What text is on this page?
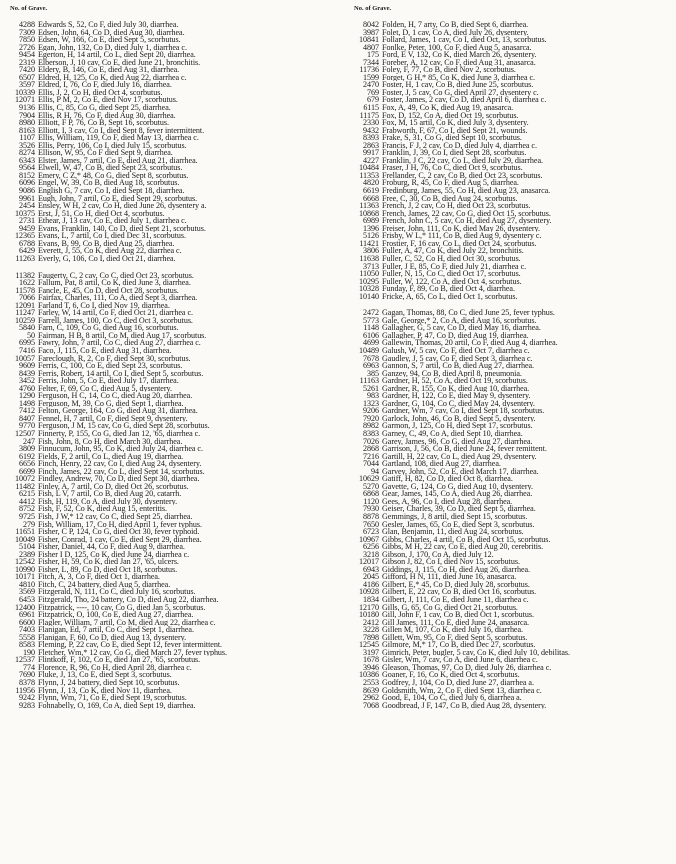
No. of Grave.
4288 Edwards S, 52, Co F, died July 30, diarrhea.
7309 Edsen, John, 64, Co D, died Aug 30, diarrhea.
7850 Edsen, W, 166, Co E, died Sept 5, scorbutus.
2726 Egan, John, 132, Co D, died July 1, diarrhea c.
9454 Egerton, H, 14 artil, Co L, died Sept 20, diarrhea.
2319 Elberson, J, 10 cav, Co E, died June 21, bronchitis.
7420 Eldery, B, 146, Co E, died Aug 31, diarrhea.
6507 Eldred, H, 125, Co K, died Aug 22, diarrhea c.
3597 Eldred, I, 76, Co F, died July 16, diarrhea.
10339 Ellis, J, 2, Co H, died Oct 4, scorbutus.
12071 Ellis, P M, 2, Co E, died Nov 17, scorbutus.
9136 Ellis, C, 85, Co G, died Sept 25, diarrhea.
7904 Ellis, R H, 76, Co F, died Aug 30, diarrhea.
8980 Elliott, F P, 76, Co B, Sept 16, scorbutus.
8163 Elliott, I, 3 cav, Co I, died Sept 8, fever intermittent.
1107 Ellis, William, 119, Co F, died May 13, diarrhea c.
3526 Ellis, Perry, 106, Co I, died July 15, scorbutus.
8274 Ellison, W, 95, Co F died Sept 9, diarrhea.
6343 Elster, James, 7 artil, Co E, died Aug 21, diarrhea.
9564 Elwell, W, 47, Co B, died Sept 23, scorbutus.
8152 Emery, C Z,* 48, Co G, died Sept 8, scorbutus.
6096 Engel, W, 39, Co B, died Aug 18, scorbutus.
9086 English G, 7 cav, Co I, died Sept 18, diarrhea.
9961 Eugh, John, 7 artil, Co E, died Sept 29, scorbutus.
2454 Ensley, W H, 2 cav, Co H, died June 26, dysentery a.
10375 Erst, J, 51, Co H, died Oct 4, scorbutus.
2731 Ethear, J, 13 cav, Co E, died July 1, diarrhea c.
9459 Evans, Franklin, 140, Co D, died Sept 21, scorbutus.
12365 Evans, L, 7 artil, Co I, died Dec 31, scorbutus.
6788 Evans, B, 99, Co B, died Aug 25, diarrhea.
6429 Everett, J, 55, Co K, died Aug 22, diarrhea c.
11263 Everly, G, 106, Co I, died Oct 21, diarrhea.
11382 Faugerty, C, 2 cav, Co C, died Oct 23, scorbutus.
1622 Fallum, Pat, 8 artil, Co K, died June 3, diarrhea.
11578 Fancle, E, 45, Co D, died Oct 28, scorbutus.
7066 Fairfax, Charles, 111, Co A, died Sept 3, diarrhea.
12091 Farland T, 6, Co I, died Nov 19, diarrhea.
11247 Farley, W, 14 artil, Co F, died Oct 21, diarrhea c.
10259 Farrell, James, 100, Co C, died Oct 3, scorbutus.
5840 Farn, C, 109, Co G, died Aug 16, scorbutus.
50 Fairman, H B, 8 artil, Co M, died Aug 17, scorbutus.
6995 Fawry, John, 7 artil, Co C, died Aug 27, diarrhea c.
7416 Faco, J, 115, Co E, died Aug 31, diarrhea.
10057 Fareclough, R, 2, Co F, died Sept 30, scorbutus.
9609 Ferris, C, 100, Co E, died Sept 23, scorbutus.
8439 Ferris, Robert, 14 artil, Co I, died Sept 5, scorbutus.
3452 Ferris, John, 5, Co E, died July 17, diarrhea.
4760 Felter, F, 69, Co C, died Aug 5, dysentery.
1290 Ferguson, H C, 14, Co C, died Aug 20, diarrhea.
1498 Ferguson, M, 39, Co G, died Sept 1, diarrhea.
7412 Felton, George, 164, Co G, died Aug 31, diarrhea.
8407 Fennel, H, 7 artil, Co F, died Sept 9, dysentery.
9770 Ferguson, J M, 15 cav, Co G, died Sept 28, scorbutus.
12507 Finnerty, P, 155, Co G, died Jan 12, '65, diarrhea c.
247 Fish, John, 8, Co H, died March 30, diarrhea.
3809 Finnucum, John, 95, Co K, died July 24, diarrhea c.
6192 Fields, F, 2 artil, Co L, died Aug 19, diarrhea.
6656 Finch, Henry, 22 cav, Co I, died Aug 24, dysentery.
6699 Finch, James, 22 cav, Co L, died Sept 14, scorbutus.
10072 Findley, Andrew, 70, Co D, died Sept 30, diarrhea.
11482 Finley, A, 7 artil, Co D, died Oct 26, scorbutus.
6215 Fish, L V, 7 artil, Co B, died Aug 20, catarrh.
4412 Fish, H, 119, Co A, died July 30, dysentery.
8752 Fish, F, 52, Co K, died Aug 15, enteritis.
9725 Fish, J W,* 12 cav, Co C, died Sept 25, diarrhea.
279 Fish, William, 17, Co H, died April 1, fever typhus.
11651 Fisher, C P, 124, Co G, died Oct 30, fever typhoid.
10049 Fisher, Conrad, 1 cav, Co E, died Sept 29, diarrhea.
5104 Fisher, Daniel, 44, Co F, died Aug 9, diarrhea.
2389 Fisher I D, 125, Co K, died June 24, diarrhea c.
12542 Fisher, H, 59, Co K, died Jan 27, '65, ulcers.
10990 Fisher, L, 89, Co D, died Oct 18, scorbutus.
10171 Fitch, A, 3, Co F, died Oct 1, diarrhea.
4810 Fitch, C, 24 battery, died Aug 5, diarrhea.
3569 Fitzgerald, N, 111, Co C, died July 16, scorbutus.
6453 Fitzgerald, Tho, 24 battery, Co D, died Aug 22, diarrhea.
12400 Fitzpatrick, ----, 10 cav, Co G, died Jan 5, scorbutus.
6961 Fitzpatrick, O, 100, Co E, died Aug 27, diarrhea.
6600 Flagler, William, 7 artil, Co M, died Aug 22, diarrhea c.
7403 Flanigan, Ed, 7 artil, Co C, died Sept 1, diarrhea.
5558 Flanigan, F, 60, Co D, died Aug 13, dysentery.
8583 Fleming, P, 22 cav, Co E, died Sept 12, fever intermittent.
190 Fletcher, Wm,* 12 cav, Co G, died March 27, fever typhus.
12537 Flintkoff, F, 102, Co E, died Jan 27, '65, scorbutus.
774 Florence, R, 96, Co H, died April 28, diarrhea c.
7690 Fluke, J, 13, Co E, died Sept 3, scorbutus.
8378 Flynn, J, 24 battery, died Sept 10, scorbutus.
11956 Flynn, J, 13, Co K, died Nov 11, diarrhea.
9242 Flynn, Wm, 71, Co E, died Sept 19, scorbutus.
9283 Fohnabelly, O, 169, Co A, died Sept 19, diarrhea.
No. of Grave.
8042 Folden, H, 7 arty, Co B, died Sept 6, diarrhea.
3987 Folet, D, 1 cav, Co A, died July 26, dysentery.
10841 Follard, James, 1 cav, Co I, died Oct, 13, scorbutus.
4807 Fonlke, Peter, 100, Co F, died Aug 5, anasarca.
175 Ford, E V, 132, Co K, died March 26, dysentery.
7344 Foreber, A, 12 cav, Co F, died Aug 31, anasarca.
11736 Foley, F, 77, Co B, died Nov 2, scorbutus.
1599 Forget, G H,* 85, Co K, died June 3, diarrhea c.
2470 Foster, H, 1 cav, Co B, died June 25, scorbutus.
769 Foster, J, 5 cav, Co G, died April 27, dysentery c.
679 Foster, James, 2 cav, Co D, died April 6, diarrhea c.
6115 Fox, A, 49, Co K, died Aug 19, anasarca.
11175 Fox, D, 152, Co A, died Oct 19, scorbutus.
2330 Fox, M, 15 artil, Co K, died July 3, dysentery.
9432 Frabworth, F, 67, Co I, died Sept 21, wounds.
8393 Frake, S, 31, Co G, died Sept 10, scorbutus.
2863 Francis, F J, 2 cav, Co D, died July 4, diarrhea c.
9917 Franklin, J, 39, Co I, died Sept 28, scorbutus.
4227 Franklin, J C, 22 cav, Co L, died July 29, diarrhea.
10484 Fraser, J H, 76, Co C, died Oct 9, scorbutus.
11353 Frellander, C, 2 cav, Co B, died Oct 23, scorbutus.
4820 Froburg, R, 45, Co F, died Aug 5, diarrhea.
6619 Fredinburg, James, 55, Co H, died Aug 23, anasarca.
6668 Free, C, 30, Co B, died Aug 24, scorbutus.
11363 French, J, 2 cav, Co H, died Oct 23, scorbutus.
10868 French, James, 22 cav, Co G, died Oct 15, scorbutus.
6989 French, John C, 5 cav, Co H, died Aug 27, dysentery.
1396 Freiser, John, 111, Co K, died May 26, dysentery.
5126 Frisby, W L,* 111, Co B, died Aug 9, dysentery c.
11421 Frostier, F, 16 cav, Co L, died Oct 24, scorbutus.
3806 Fuller, A, 47, Co K, died July 22, bronchitis.
11638 Fuller, C, 52, Co H, died Oct 30, scorbutus.
3713 Fuller, J E, 85, Co F, died July 21, diarrhea c.
11050 Fuller, N, 15, Co C, died Oct 17, scorbutus.
10295 Fuller, W, 122, Co A, died Oct 4, scorbutus.
10328 Funday, F, 89, Co B, died Oct 4, diarrhea.
10140 Fricke, A, 65, Co L, died Oct 1, scorbutus.
2472 Gagan, Thomas, 88, Co C, died June 25, fever typhus.
5773 Gale, George,* 2, Co A, died Aug 16, scorbutus.
1148 Gallagher, G, 5 cav, Co D, died May 16, diarrhea.
6106 Gallagher, P, 47, Co D, died Aug 19, diarrhea.
4699 Gallewin, Thomas, 20 artil, Co F, died Aug 4, diarrhea.
10489 Galush, W, 5 cav, Co F, died Oct 7, diarrhea c.
7678 Gaudley, J, 5 cav, Co F, died Sept 3, diarrhea c.
6963 Gannon, S, 7 artil, Co B, died Aug 27, diarrhea.
385 Ganzey, 94, Co B, died April 8, pneumonia.
11163 Gardner, H, 52, Co A, died Oct 19, scorbutus.
5261 Gardner, R, 155, Co K, died Aug 10, diarrhea.
983 Gardner, H, 122, Co E, died May 9, dysentery.
1323 Gardner, G, 104, Co C, died May 24, dysentery.
9206 Gardner, Wm, 7 cav, Co I, died Sept 18, scorbutus.
7920 Garlock, John, 46, Co B, died Sept 5, dysentery.
8982 Garmon, J, 125, Co H, died Sept 17, scorbutus.
8383 Garney, C, 49, Co A, died Sept 10, diarrhea.
7026 Garey, James, 96, Co G, died Aug 27, diarrhea.
2868 Garrison, J, 56, Co B, died June 24, fever remittent.
7216 Gartill, H, 22 cav, Co L, died Aug 29, dysentery.
7044 Gartland, 108, died Aug 27, diarrhea.
94 Garvey, John, 52, Co E, died March 17, diarrhea.
10629 Gatiff, H, 82, Co D, died Oct 8, diarrhea.
5270 Gavette, G, 124, Co G, died Aug 10, dysentery.
6868 Gear, James, 145, Co A, died Aug 26, diarrhea.
1120 Gees, A, 96, Co I, died Aug 28, diarrhea.
7930 Geiser, Charles, 39, Co D, died Sept 5, diarrhea.
8878 Gemmings, J, 8 artil, died Sept 15, scorbutus.
7650 Gesler, James, 65, Co E, died Sept 3, scorbutus.
6723 Glan, Benjamin, 11, died Aug 24, scorbutus.
10967 Gibbs, Charles, 4 artil, Co B, died Oct 15, scorbutus.
6256 Gibbs, M H, 22 cav, Co E, died Aug 20, cerebritis.
3218 Gibson, J, 170, Co A, died July 12.
12017 Gibson J, 82, Co I, died Nov 15, scorbutus.
6943 Giddings, J, 115, Co H, died Aug 26, diarrhea.
2045 Gifford, H N, 111, died June 16, anasarca.
4186 Gilbert, E,* 45, Co D, died July 28, scorbutus.
10928 Gilbert, E, 22 cav, Co B, died Oct 16, scorbutus.
1834 Gilbert, J, 111, Co E, died June 11, diarrhea c.
12170 Gills, G, 65, Co G, died Oct 21, scorbutus.
10180 Gill, John F, 1 cav, Co B, died Oct 1, scorbutus.
2412 Gill James, 111, Co E, died June 24, anasarca.
3228 Gillen M, 107, Co K, died July 16, diarrhea.
7898 Gillett, Wm, 95, Co F, died Sept 5, scorbutus.
12545 Gilmore, M,* 17, Co B, died Dec 27, scorbutus.
3197 Gimrich, Peter, bugler, 5 cav, Co K, died July 10, debilitas.
1678 Gisler, Wm, 7 cav, Co A, died June 6, diarrhea c.
3946 Gleason, Thomas, 97, Co D, died July 26, diarrhea c.
10386 Goaner, F, 16, Co K, died Oct 4, scorbutus.
2553 Godfrey, J, 104, Co D, died June 27, diarrhea a.
8639 Goldsmith, Wm, 2, Co F, died Sept 13, diarrhea c.
2962 Good, E, 104, Co C, died July 6, diarrhea a.
7068 Goodbread, J F, 147, Co B, died Aug 28, dysentery.
